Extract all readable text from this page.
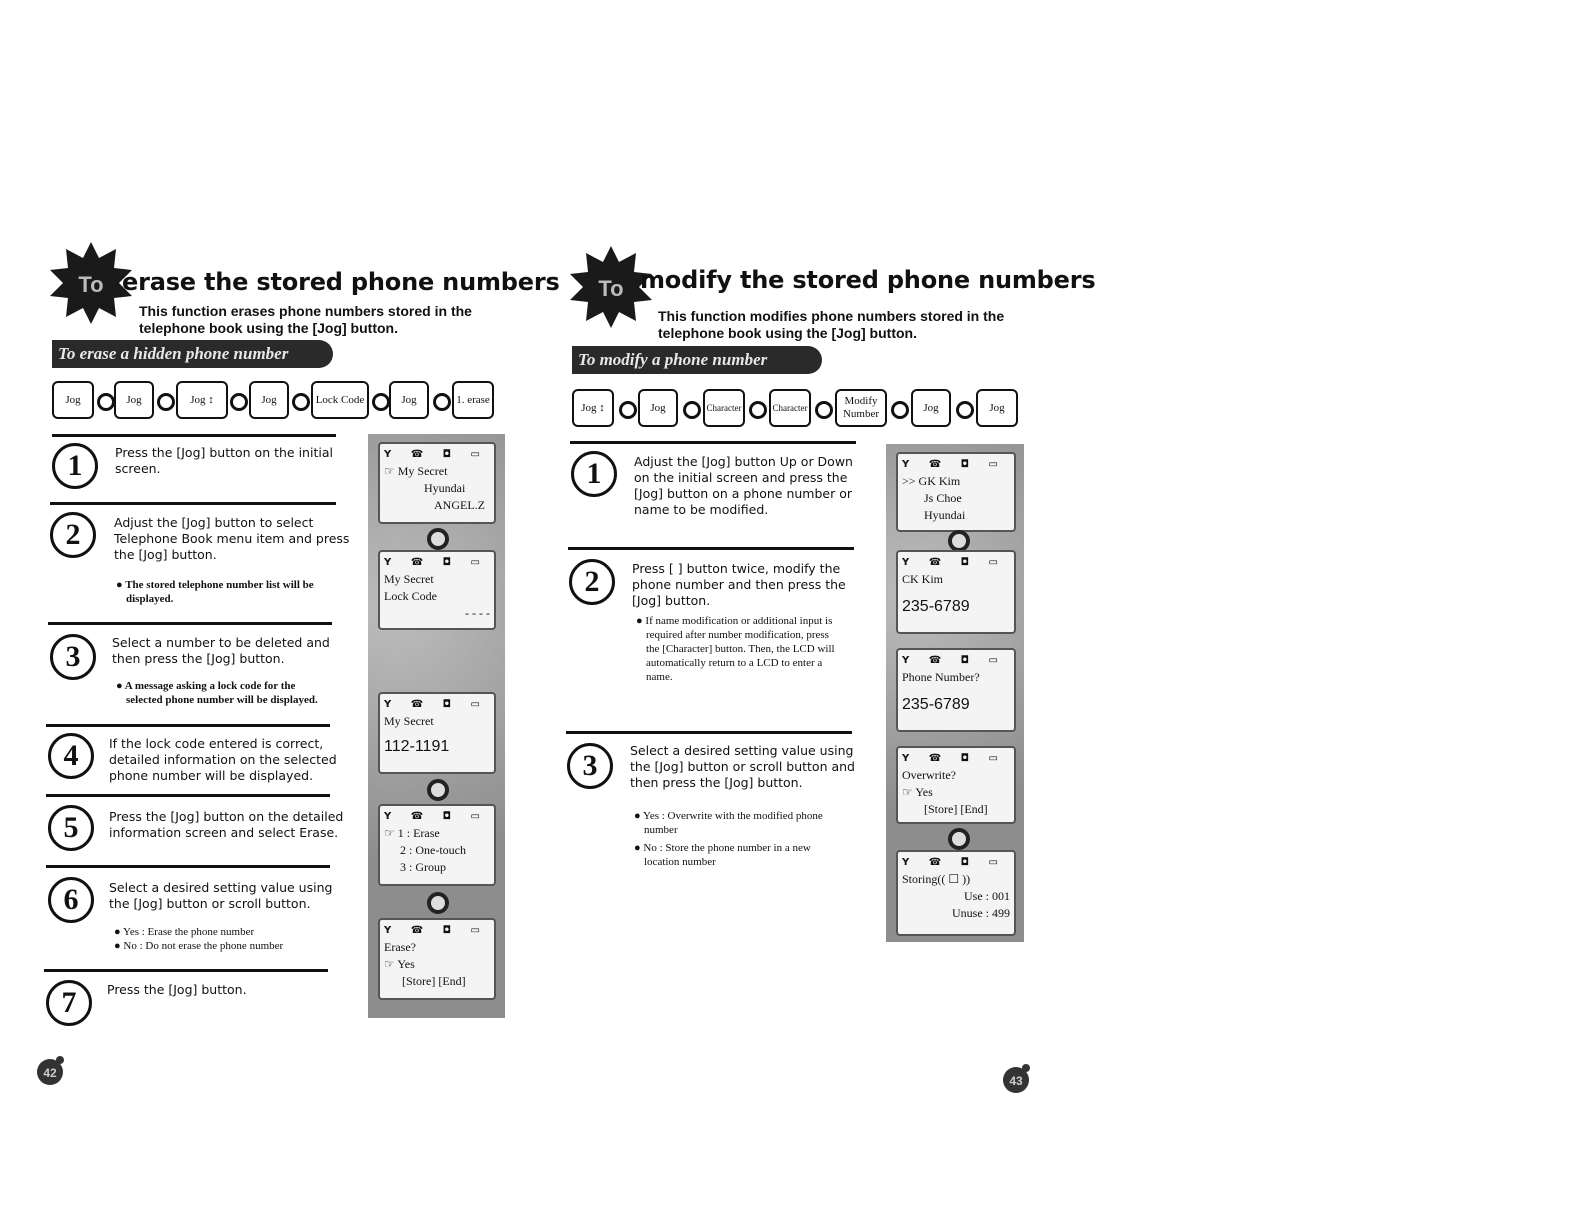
To erase the stored phone numbers
This function erases phone numbers stored in the
telephone book using the [Jog] button.
To erase a hidden phone number
Jog	Jog	Jog ↕	Jog	Lock Code	Jog	1. erase
1	Press the [Jog] button on the initial
screen.
2	Adjust the [Jog] button to select
Telephone Book menu item and press
the [Jog] button.
● The stored telephone number list will be
displayed.
3	Select a number to be deleted and
then press the [Jog] button.
● A message asking a lock code for the
selected phone number will be displayed.
4	If the lock code entered is correct,
detailed information on the selected
phone number will be displayed.
5	Press the [Jog] button on the detailed
information screen and select Erase.
6	Select a desired setting value using
the [Jog] button or scroll button.
● Yes : Erase the phone number
● No : Do not erase the phone number
7	Press the [Jog] button.
Y ☎ ◘ ▭
☞ My Secret
Hyundai
ANGEL.Z
Y ☎ ◘ ▭
My Secret
Lock Code
- - - -
Y ☎ ◘ ▭
My Secret
112-1191
Y ☎ ◘ ▭
☞ 1 : Erase
2 : One-touch
3 : Group
Y ☎ ◘ ▭
Erase?
☞ Yes
[Store] [End]
42
To modify the stored phone numbers
This function modifies phone numbers stored in the
telephone book using the [Jog] button.
To modify a phone number
Jog ↕	Jog	Character	Character
Modify Number
Jog	Jog
1	Adjust the [Jog] button Up or Down
on the initial screen and press the
[Jog] button on a phone number or
name to be modified.
2	Press [ ] button twice, modify the
phone number and then press the
[Jog] button.
● If name modification or additional input is
required after number modification, press
the [Character] button. Then, the LCD will
automatically return to a LCD to enter a
name.
3	Select a desired setting value using
the [Jog] button or scroll button and
then press the [Jog] button.
● Yes : Overwrite with the modified phone
number
● No : Store the phone number in a new
location number
Y ☎ ◘ ▭
>> GK Kim
Js Choe
Hyundai
Y ☎ ◘ ▭
CK Kim
235-6789
Y ☎ ◘ ▭
Phone Number?
235-6789
Y ☎ ◘ ▭
Overwrite?
☞ Yes
[Store] [End]
Y ☎ ◘ ▭
Storing(( ☐ ))
Use : 001
Unuse : 499
43
